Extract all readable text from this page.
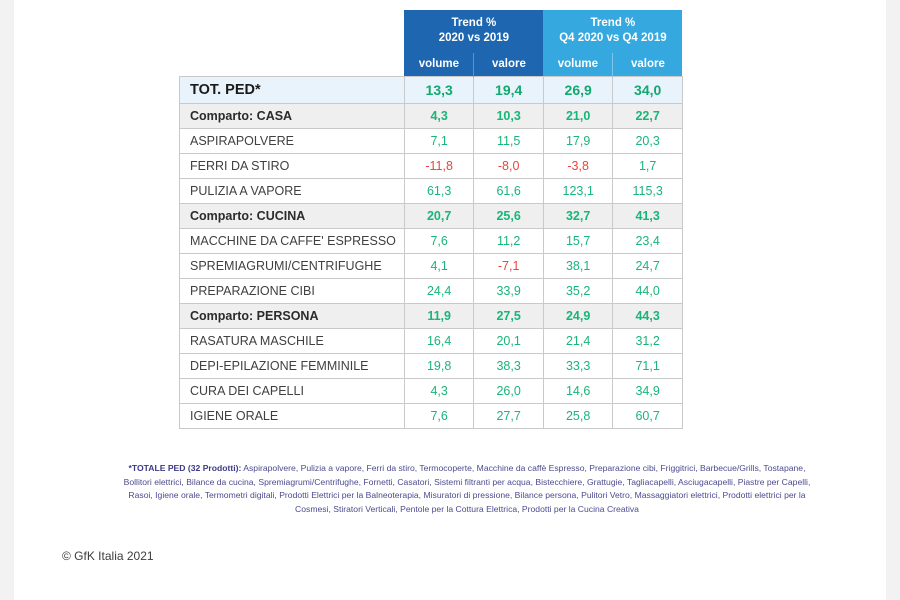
Trend %
2020 vs 2019

Trend %
Q4 2020 vs Q4 2019

	volume	valore	volume	valore
TOT. PED*	13,3	19,4	26,9	34,0
Comparto: CASA	4,3	10,3	21,0	22,7
ASPIRAPOLVERE	7,1	11,5	17,9	20,3
FERRI DA STIRO	-11,8	-8,0	-3,8	1,7
PULIZIA A VAPORE	61,3	61,6	123,1	115,3
Comparto: CUCINA	20,7	25,6	32,7	41,3
MACCHINE DA CAFFE' ESPRESSO	7,6	11,2	15,7	23,4
SPREMIAGRUMI/CENTRIFUGHE	4,1	-7,1	38,1	24,7
PREPARAZIONE CIBI	24,4	33,9	35,2	44,0
Comparto: PERSONA	11,9	27,5	24,9	44,3
RASATURA MASCHILE	16,4	20,1	21,4	31,2
DEPI-EPILAZIONE FEMMINILE	19,8	38,3	33,3	71,1
CURA DEI CAPELLI	4,3	26,0	14,6	34,9
IGIENE ORALE	7,6	27,7	25,8	60,7
*TOTALE PED (32 Prodotti): Aspirapolvere, Pulizia a vapore, Ferri da stiro, Termocoperte, Macchine da caffè Espresso, Preparazione cibi, Friggitrici, Barbecue/Grills, Tostapane, Bollitori elettrici, Bilance da cucina, Spremiagrumi/Centrifughe, Fornetti, Casatori, Sistemi filtranti per acqua, Bistecchiere, Grattugie, Tagliacapelli, Asciugacapelli, Piastre per Capelli, Rasoi, Igiene orale, Termometri digitali, Prodotti Elettrici per la Balneoterapia, Misuratori di pressione, Bilance persona, Pulitori Vetro, Massaggiatori elettrici, Prodotti elettrici per la Cosmesi, Stiratori Verticali, Pentole per la Cottura Elettrica, Prodotti per la Cucina Creativa
© GfK Italia 2021
